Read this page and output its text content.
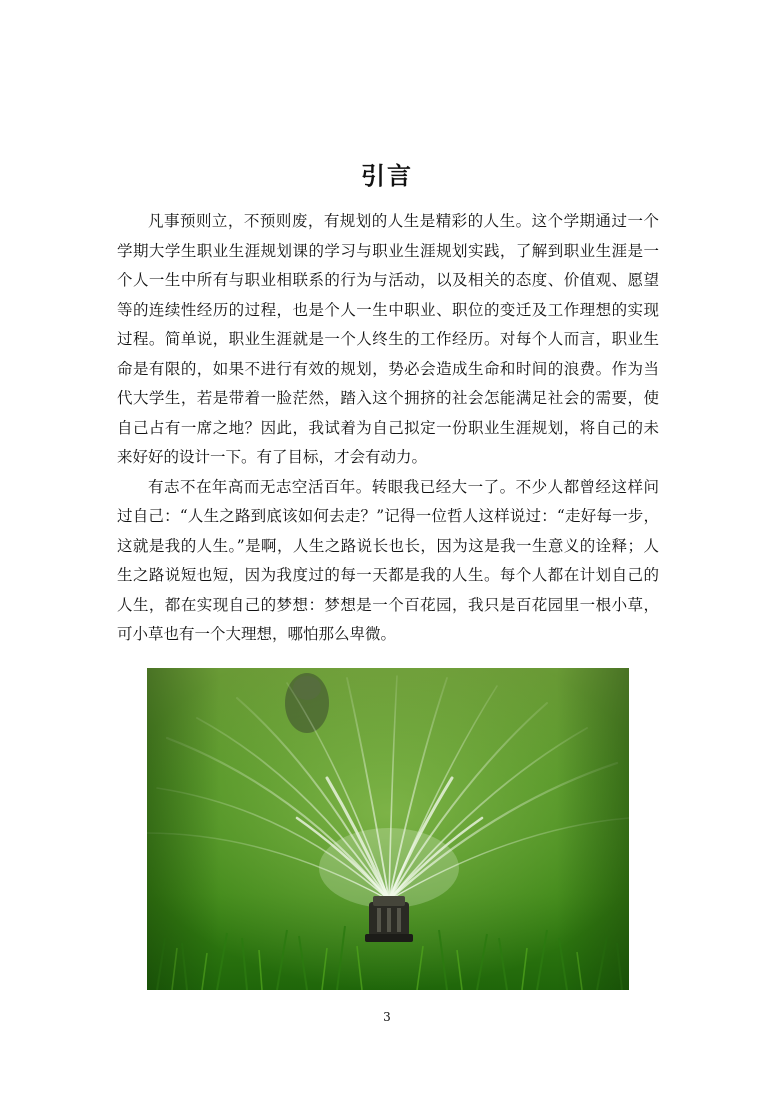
引言

凡事预则立，不预则废，有规划的人生是精彩的人生。这个学期通过一个学期大学生职业生涯规划课的学习与职业生涯规划实践，了解到职业生涯是一个人一生中所有与职业相联系的行为与活动，以及相关的态度、价值观、愿望等的连续性经历的过程，也是个人一生中职业、职位的变迁及工作理想的实现过程。简单说，职业生涯就是一个人终生的工作经历。对每个人而言，职业生命是有限的，如果不进行有效的规划，势必会造成生命和时间的浪费。作为当代大学生，若是带着一脸茫然，踏入这个拥挤的社会怎能满足社会的需要，使自己占有一席之地？因此，我试着为自己拟定一份职业生涯规划，将自己的未来好好的设计一下。有了目标，才会有动力。

有志不在年高而无志空活百年。转眼我已经大一了。不少人都曾经这样问过自己：“人生之路到底该如何去走？”记得一位哲人这样说过：“走好每一步，这就是我的人生。”是啊，人生之路说长也长，因为这是我一生意义的诠释；人生之路说短也短，因为我度过的每一天都是我的人生。每个人都在计划自己的人生，都在实现自己的梦想：梦想是一个百花园，我只是百花园里一根小草，可小草也有一个大理想，哪怕那么卑微。

3
